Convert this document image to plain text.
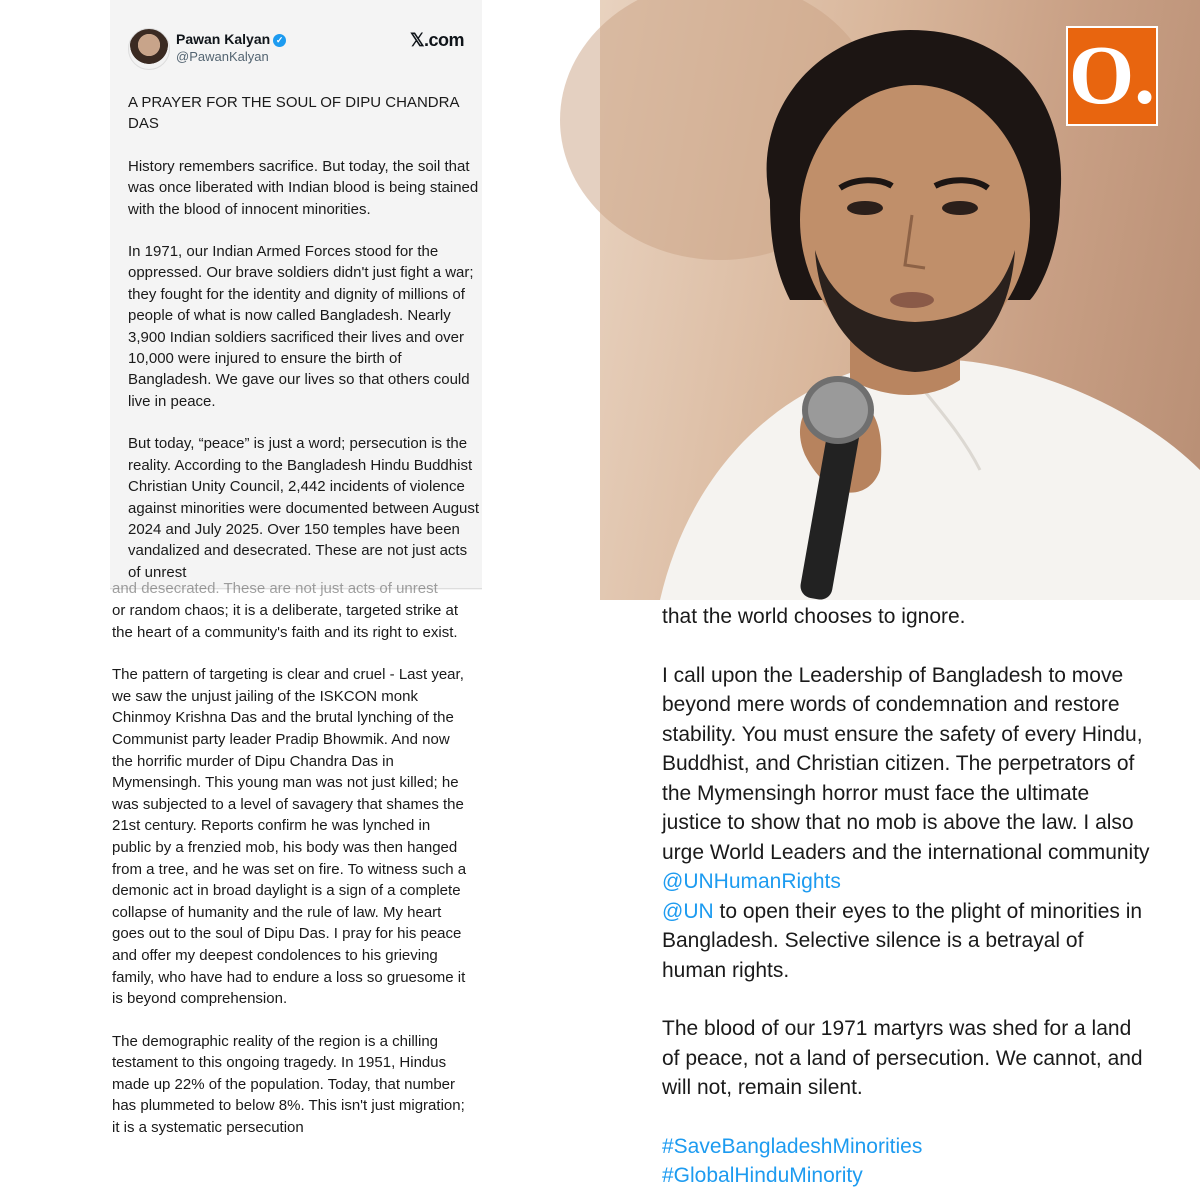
Pawan Kalyan ✓
@PawanKalyan
𝕏.com

A PRAYER FOR THE SOUL OF DIPU CHANDRA DAS

History remembers sacrifice. But today, the soil that was once liberated with Indian blood is being stained with the blood of innocent minorities.

In 1971, our Indian Armed Forces stood for the oppressed. Our brave soldiers didn't just fight a war; they fought for the identity and dignity of millions of people of what is now called Bangladesh. Nearly 3,900 Indian soldiers sacrificed their lives and over 10,000 were injured to ensure the birth of Bangladesh. We gave our lives so that others could live in peace.

But today, “peace” is just a word; persecution is the reality. According to the Bangladesh Hindu Buddhist Christian Unity Council, 2,442 incidents of violence against minorities were documented between August 2024 and July 2025. Over 150 temples have been vandalized and desecrated. These are not just acts of unrest

and desecrated. These are not just acts of unrest

or random chaos; it is a deliberate, targeted strike at the heart of a community's faith and its right to exist.

The pattern of targeting is clear and cruel - Last year, we saw the unjust jailing of the ISKCON monk Chinmoy Krishna Das and the brutal lynching of the Communist party leader Pradip Bhowmik. And now the horrific murder of Dipu Chandra Das in Mymensingh. This young man was not just killed; he was subjected to a level of savagery that shames the 21st century. Reports confirm he was lynched in public by a frenzied mob, his body was then hanged from a tree, and he was set on fire. To witness such a demonic act in broad daylight is a sign of a complete collapse of humanity and the rule of law. My heart goes out to the soul of Dipu Das. I pray for his peace and offer my deepest condolences to his grieving family, who have had to endure a loss so gruesome it is beyond comprehension.

The demographic reality of the region is a chilling testament to this ongoing tragedy. In 1951, Hindus made up 22% of the population. Today, that number has plummeted to below 8%. This isn't just migration; it is a systematic persecution

O.

that the world chooses to ignore.

I call upon the Leadership of Bangladesh to move beyond mere words of condemnation and restore stability. You must ensure the safety of every Hindu, Buddhist, and Christian citizen. The perpetrators of the Mymensingh horror must face the ultimate justice to show that no mob is above the law. I also urge World Leaders and the international community @UNHumanRights
@UN to open their eyes to the plight of minorities in Bangladesh. Selective silence is a betrayal of human rights.

The blood of our 1971 martyrs was shed for a land of peace, not a land of persecution. We cannot, and will not, remain silent.

#SaveBangladeshMinorities
#GlobalHinduMinority
